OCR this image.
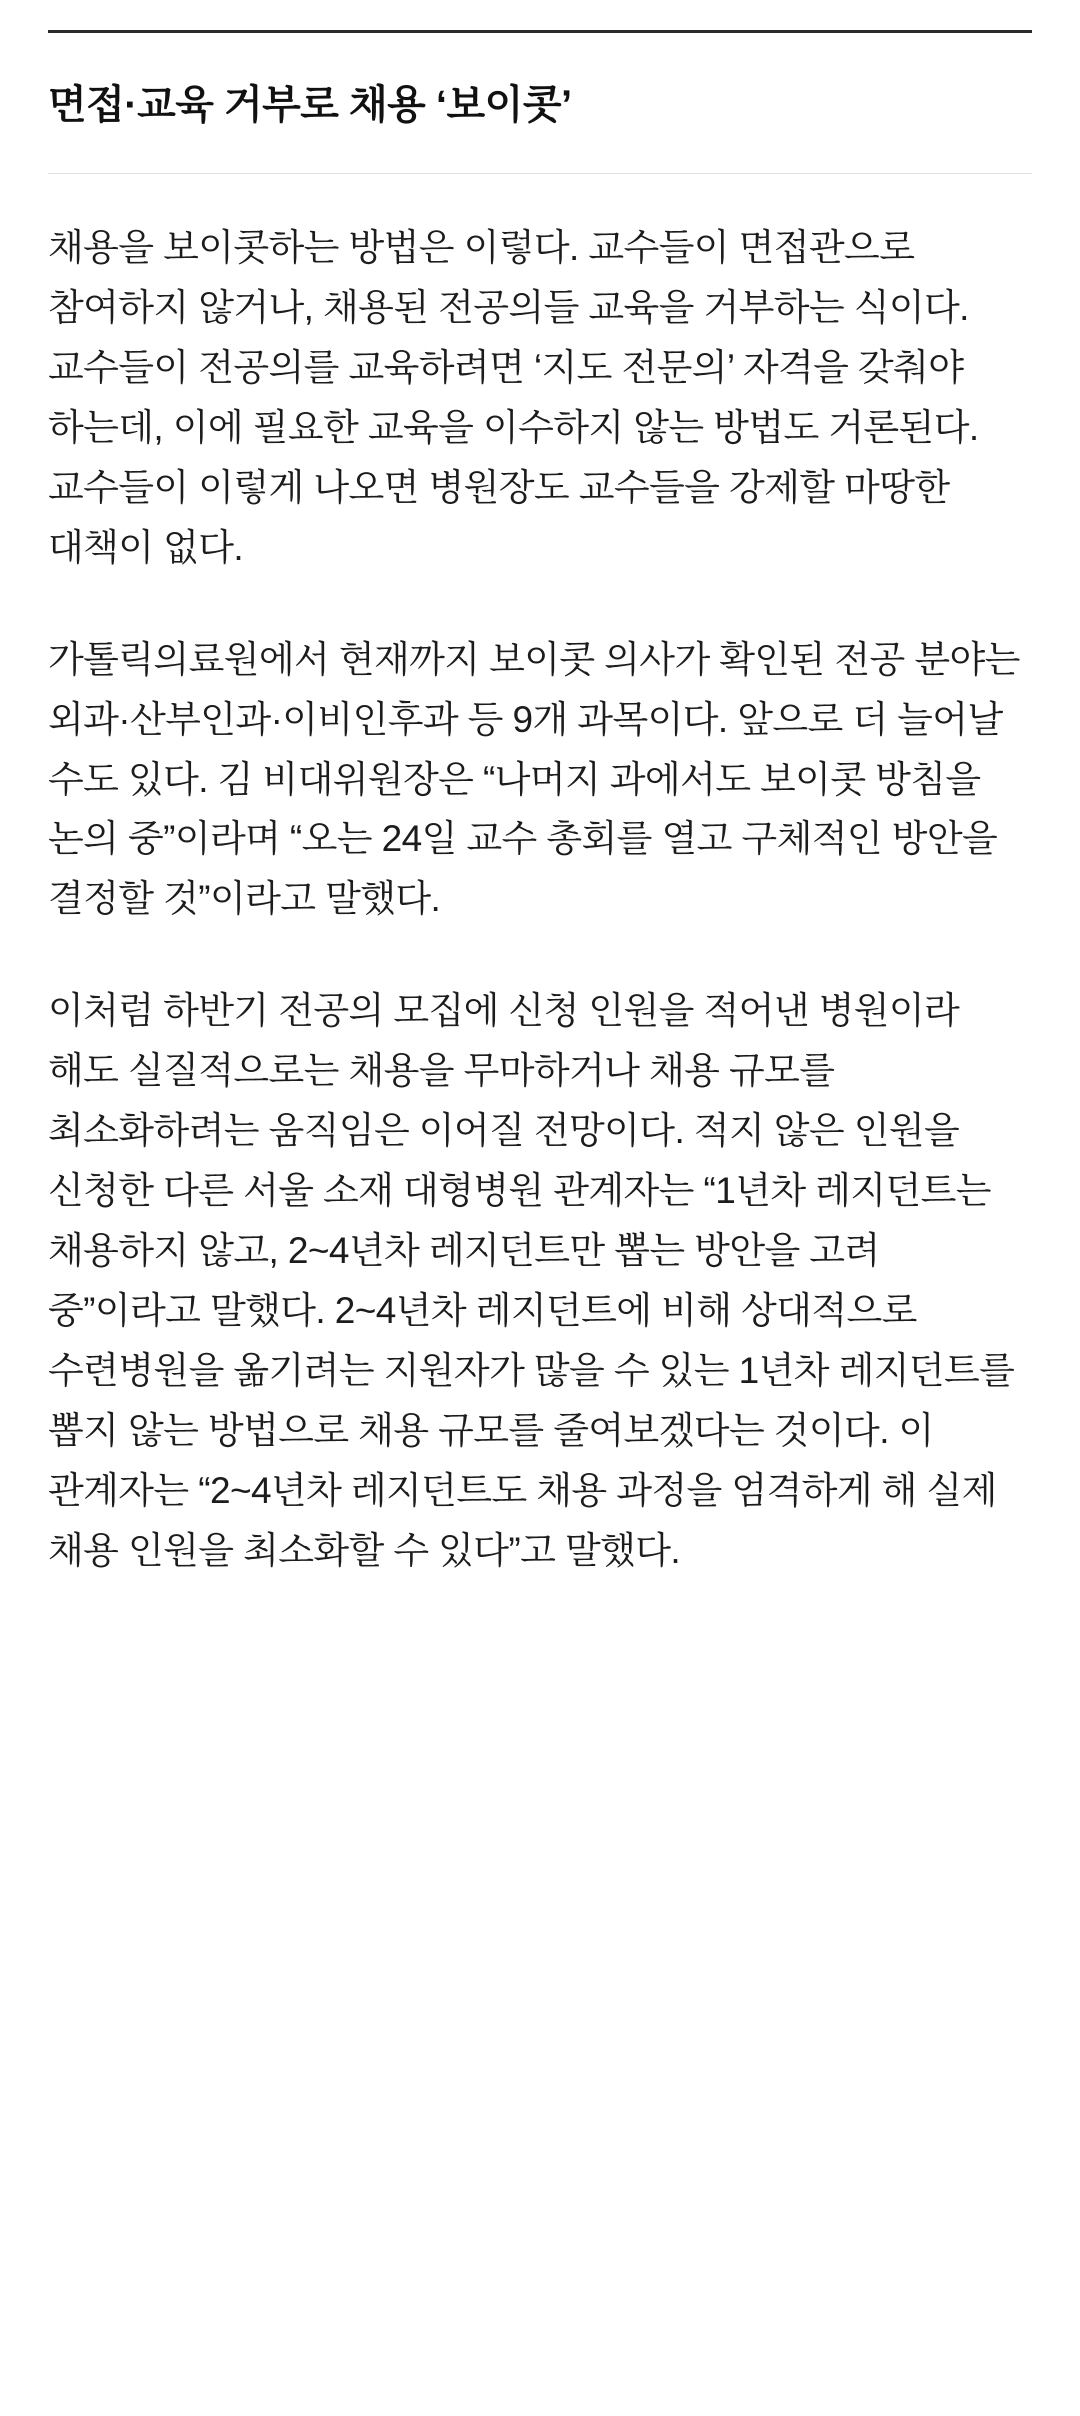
면접·교육 거부로 채용 ‘보이콧’

채용을 보이콧하는 방법은 이렇다. 교수들이 면접관으로 참여하지 않거나, 채용된 전공의들 교육을 거부하는 식이다. 교수들이 전공의를 교육하려면 ‘지도 전문의’ 자격을 갖춰야 하는데, 이에 필요한 교육을 이수하지 않는 방법도 거론된다. 교수들이 이렇게 나오면 병원장도 교수들을 강제할 마땅한 대책이 없다.

가톨릭의료원에서 현재까지 보이콧 의사가 확인된 전공 분야는 외과·산부인과·이비인후과 등 9개 과목이다. 앞으로 더 늘어날 수도 있다. 김 비대위원장은 “나머지 과에서도 보이콧 방침을 논의 중”이라며 “오는 24일 교수 총회를 열고 구체적인 방안을 결정할 것”이라고 말했다.

이처럼 하반기 전공의 모집에 신청 인원을 적어낸 병원이라 해도 실질적으로는 채용을 무마하거나 채용 규모를 최소화하려는 움직임은 이어질 전망이다. 적지 않은 인원을 신청한 다른 서울 소재 대형병원 관계자는 “1년차 레지던트는 채용하지 않고, 2~4년차 레지던트만 뽑는 방안을 고려 중”이라고 말했다. 2~4년차 레지던트에 비해 상대적으로 수련병원을 옮기려는 지원자가 많을 수 있는 1년차 레지던트를 뽑지 않는 방법으로 채용 규모를 줄여보겠다는 것이다. 이 관계자는 “2~4년차 레지던트도 채용 과정을 엄격하게 해 실제 채용 인원을 최소화할 수 있다”고 말했다.
